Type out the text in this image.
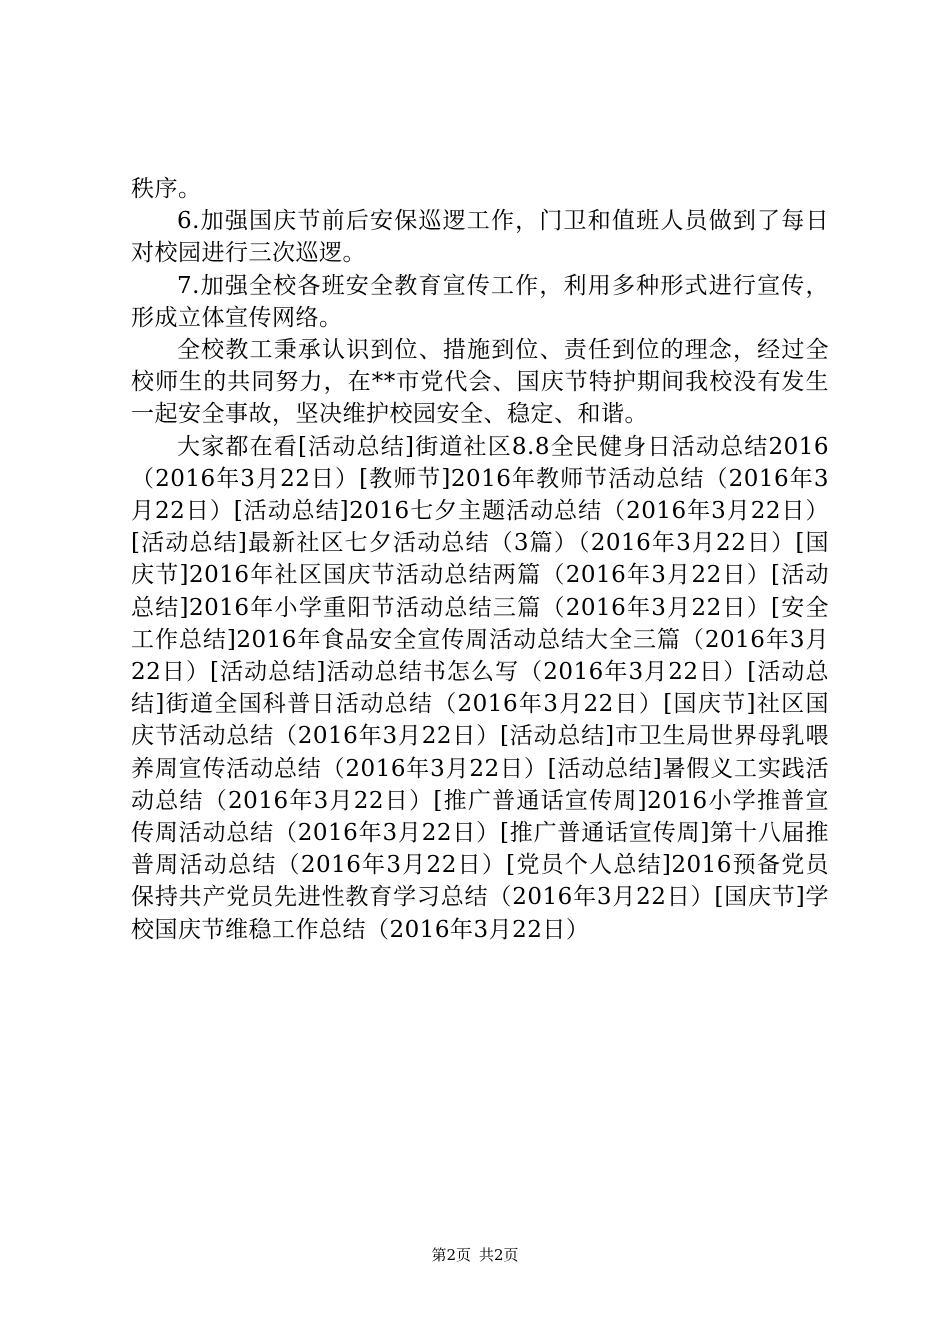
秩序。

6.加强国庆节前后安保巡逻工作，门卫和值班人员做到了每日对校园进行三次巡逻。

7.加强全校各班安全教育宣传工作，利用多种形式进行宣传，形成立体宣传网络。

全校教工秉承认识到位、措施到位、责任到位的理念，经过全校师生的共同努力，在**市党代会、国庆节特护期间我校没有发生一起安全事故，坚决维护校园安全、稳定、和谐。

大家都在看[活动总结]街道社区8.8全民健身日活动总结2016（2016年3月22日）[教师节]2016年教师节活动总结（2016年3月22日）[活动总结]2016七夕主题活动总结（2016年3月22日）[活动总结]最新社区七夕活动总结（3篇）（2016年3月22日）[国庆节]2016年社区国庆节活动总结两篇（2016年3月22日）[活动总结]2016年小学重阳节活动总结三篇（2016年3月22日）[安全工作总结]2016年食品安全宣传周活动总结大全三篇（2016年3月22日）[活动总结]活动总结书怎么写（2016年3月22日）[活动总结]街道全国科普日活动总结（2016年3月22日）[国庆节]社区国庆节活动总结（2016年3月22日）[活动总结]市卫生局世界母乳喂养周宣传活动总结（2016年3月22日）[活动总结]暑假义工实践活动总结（2016年3月22日）[推广普通话宣传周]2016小学推普宣传周活动总结（2016年3月22日）[推广普通话宣传周]第十八届推普周活动总结（2016年3月22日）[党员个人总结]2016预备党员保持共产党员先进性教育学习总结（2016年3月22日）[国庆节]学校国庆节维稳工作总结（2016年3月22日）

第2页 共2页
